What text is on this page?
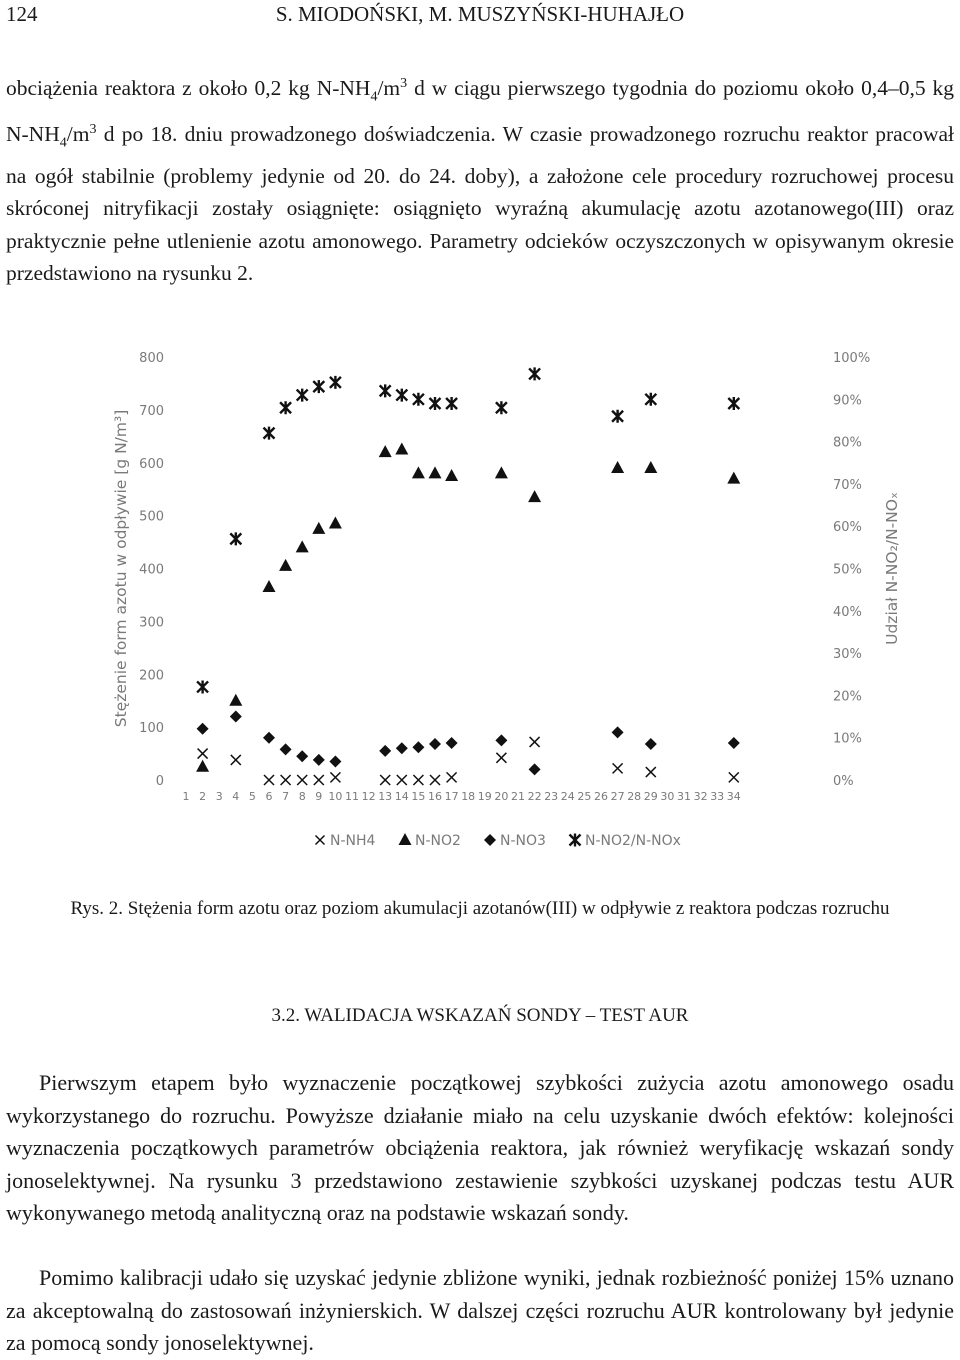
124	S. MIODOŃSKI, M. MUSZYŃSKI-HUHAJŁO

obciążenia reaktora z około 0,2 kg $N-NH_4/m^3$ d w ciągu pierwszego tygodnia do poziomu około 0,4–0,5 kg $N-NH_4/m^3$ d po 18. dniu prowadzonego doświadczenia. W czasie prowadzonego rozruchu reaktor pracował na ogół stabilnie (problemy jedynie od 20. do 24. doby), a założone cele procedury rozruchowej procesu skróconej nitryfikacji zostały osiągnięte: osiągnięto wyraźną akumulację azotu azotanowego(III) oraz praktycznie pełne utlenienie azotu amonowego. Parametry odcieków oczyszczonych w opisywanym okresie przedstawiono na rysunku 2.

0
100
200
300
400
500
600
700
800
0%
10%
20%
30%
40%
50%
60%
70%
80%
90%
100%
1 2 3 4 5 6 7 8 9 10 11 12 13 14 15 16 17 18 19 20 21 22 23 24 25 26 27 28 29 30 31 32 33 34
Stężenie form azotu w odpływie [g N/m³]	Udział N-NO₂/N-NOₓ
N-NH4	N-NO2	N-NO3	N-NO2/N-NOx
Rys. 2. Stężenia form azotu oraz poziom akumulacji azotanów(III) w odpływie z reaktora podczas rozruchu
3.2. WALIDACJA WSKAZAŃ SONDY – TEST AUR

Pierwszym etapem było wyznaczenie początkowej szybkości zużycia azotu amonowego osadu wykorzystanego do rozruchu. Powyższe działanie miało na celu uzyskanie dwóch efektów: kolejności wyznaczenia początkowych parametrów obciążenia reaktora, jak również weryfikację wskazań sondy jonoselektywnej. Na rysunku 3 przedstawiono zestawienie szybkości uzyskanej podczas testu AUR wykonywanego metodą analityczną oraz na podstawie wskazań sondy.

Pomimo kalibracji udało się uzyskać jedynie zbliżone wyniki, jednak rozbieżność poniżej 15% uznano za akceptowalną do zastosowań inżynierskich. W dalszej części rozruchu AUR kontrolowany był jedynie za pomocą sondy jonoselektywnej.
